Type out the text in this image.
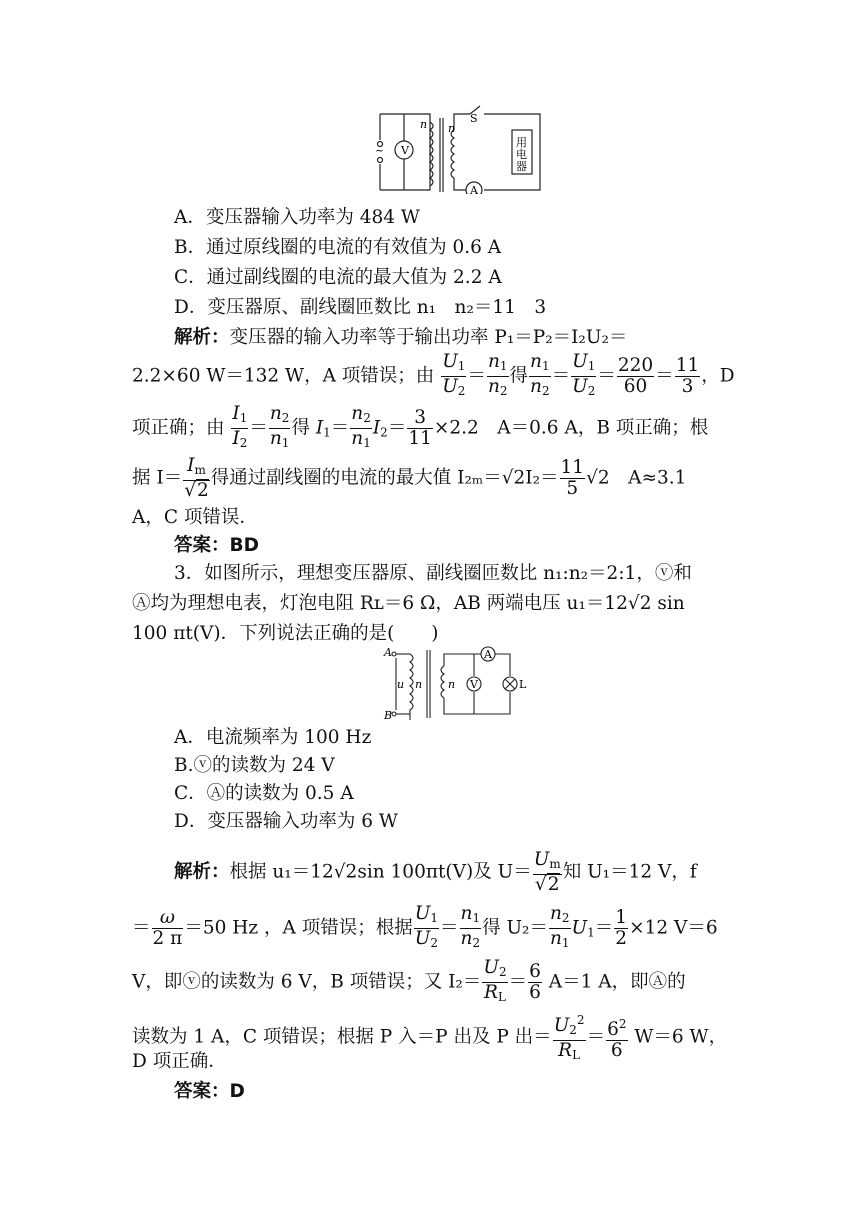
V
A
S
n n
~
用
电
器
A．变压器输入功率为 484 W
B．通过原线圈的电流的有效值为 0.6 A
C．通过副线圈的电流的最大值为 2.2 A
D．变压器原、副线圈匝数比 n₁　n₂＝11　3
解析：变压器的输入功率等于输出功率 P₁＝P₂＝I₂U₂＝
2.2×60 W＝132 W，A 项错误；由 $\frac{U_1}{U_2} = \frac{n_1}{n_2}$ 得 $\frac{n_1}{n_2} = \frac{U_1}{U_2} = \frac{220}{60} = \frac{11}{3}$ ，D
项正确；由 $\frac{I_1}{I_2} = \frac{n_2}{n_1}$ 得 $I_1= \frac{n_2}{n_1} I_2= \frac{3}{11} \times 2.2$　A＝0.6 A，B 项正确；根
据 $I= \frac{I_m}{√2}$ 得通过副线圈的电流的最大值 $I_{2m}=√2I_2= \frac{11}{5} √2$　A≈3.1
A，C 项错误．
答案：BD
3．如图所示，理想变压器原、副线圈匝数比 n₁:n₂＝2:1，ⓥ和
Ⓐ均为理想电表，灯泡电阻 Rʟ＝6 Ω，AB 两端电压 u₁＝12√2 sin
100 πt(V)．下列说法正确的是(　　)
A
B
u n n V
A
L
A．电流频率为 100 Hz
B.ⓥ的读数为 24 V
C．Ⓐ的读数为 0.5 A
D．变压器输入功率为 6 W
解析：根据 u₁＝12√2sin 100πt(V)及 $U= \frac{U_m}{√2}$ 知 U₁＝12 V，f
＝ $\frac{\omega}{2 \pi} =50$ Hz ，A 项错误；根据 $\frac{U_1}{U_2} = \frac{n_1}{n_2}$ 得 $U_2= \frac{n_2}{n_1} U_1= \frac{1}{2} \times 12$ V＝6
V，即ⓥ的读数为 6 V，B 项错误；又 $I_2= \frac{U_2}{R_L} = \frac{6}{6} A=1$ A，即Ⓐ的
读数为 1 A，C 项错误；根据 P 入＝P 出及 P 出＝ $\frac{U_2^2}{R_L} = \frac{6^2}{6} W=6$ W，
D 项正确．
答案：D
